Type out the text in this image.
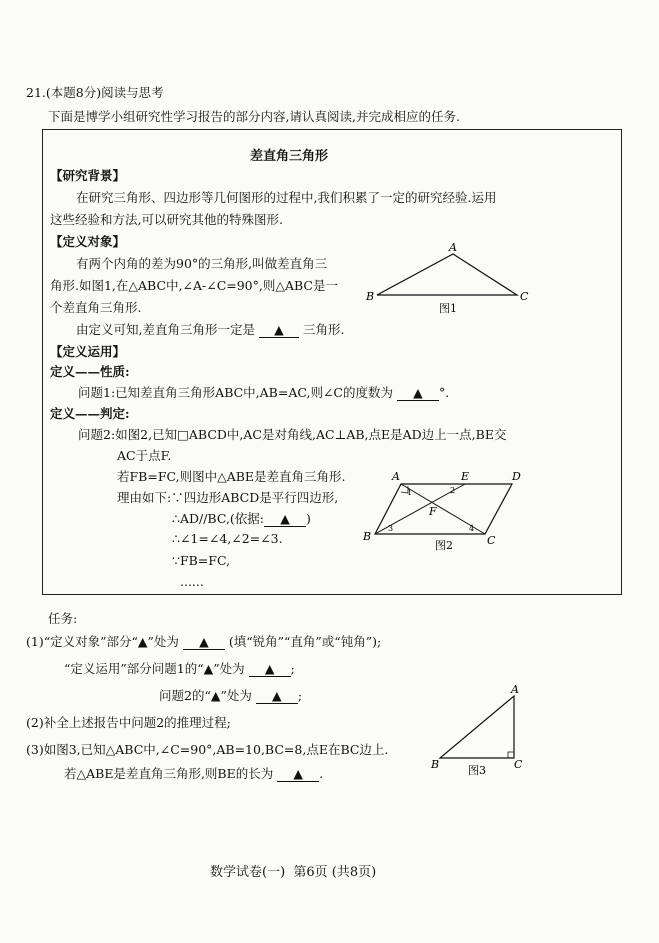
21.(本题8分)阅读与思考
下面是博学小组研究性学习报告的部分内容,请认真阅读,并完成相应的任务.
差直角三角形
【研究背景】
在研究三角形、四边形等几何图形的过程中,我们积累了一定的研究经验.运用
这些经验和方法,可以研究其他的特殊图形.
【定义对象】
有两个内角的差为90°的三角形,叫做差直角三
角形.如图1,在△ABC中,∠A-∠C=90°,则△ABC是一
个差直角三角形.
由定义可知,差直角三角形一定是 ▲ 三角形.
A
B	C
图1
【定义运用】
定义——性质:
问题1:已知差直角三角形ABC中,AB=AC,则∠C的度数为 ▲ °.
定义——判定:
问题2:如图2,已知□ABCD中,AC是对角线,AC⊥AB,点E是AD边上一点,BE交
AC于点F.
若FB=FC,则图中△ABE是差直角三角形.
理由如下:∵四边形ABCD是平行四边形,
∴AD//BC,(依据: ▲ )
∴∠1=∠4,∠2=∠3.
∵FB=FC,
......
A	E	D
B	C
F
1	2
3	4
图2
任务:
(1)“定义对象”部分“▲”处为 ▲ (填“锐角”“直角”或“钝角”);
“定义运用”部分问题1的“▲”处为 ▲ ;
问题2的“▲”处为 ▲ ;
(2)补全上述报告中问题2的推理过程;
(3)如图3,已知△ABC中,∠C=90°,AB=10,BC=8,点E在BC边上.
若△ABE是差直角三角形,则BE的长为 ▲ .
A
B	C
图3
数学试卷(一)  第6页 (共8页)
